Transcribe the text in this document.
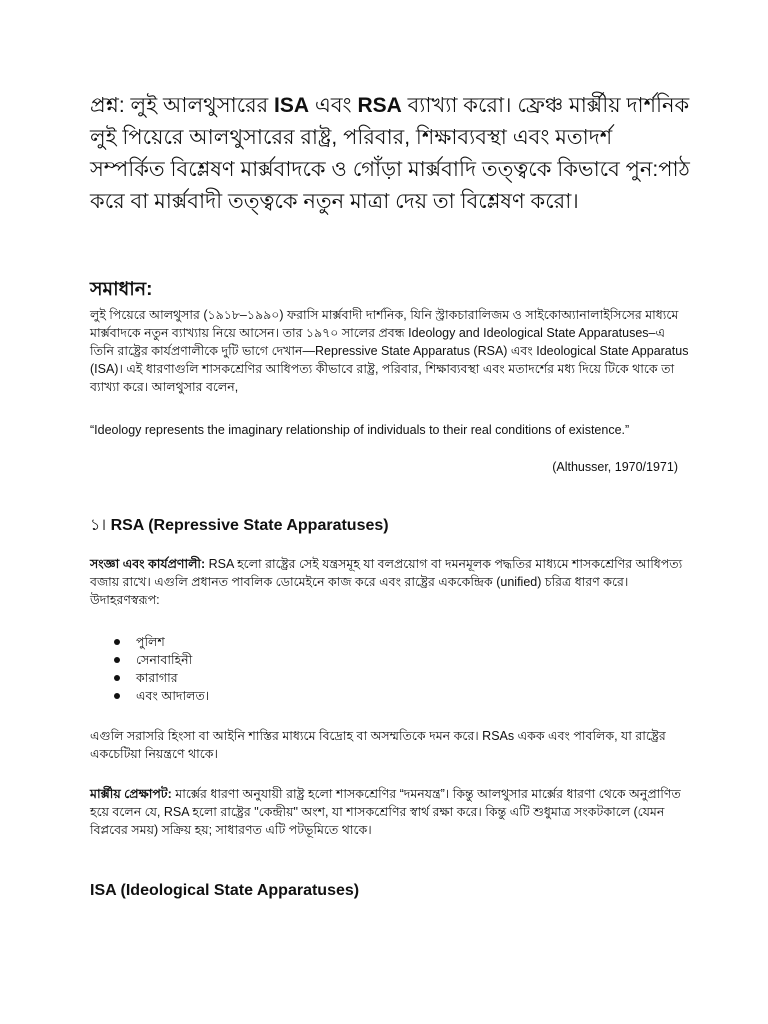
প্রশ্ন: লুই আলথুসারের ISA এবং RSA ব্যাখ্যা করো। ফ্রেঞ্চ মার্ক্সীয় দার্শনিক লুই পিয়েরে আলথুসারের রাষ্ট্র, পরিবার, শিক্ষাব্যবস্থা এবং মতাদর্শ সম্পর্কিত বিশ্লেষণ মার্ক্সবাদকে ও গোঁড়া মার্ক্সবাদি তত্ত্বকে কিভাবে পুন:পাঠ করে বা মার্ক্সবাদী তত্ত্বকে নতুন মাত্রা দেয় তা বিশ্লেষণ করো।
সমাধান:

লুই পিয়েরে আলথুসার (১৯১৮–১৯৯০) ফরাসি মার্ক্সবাদী দার্শনিক, যিনি স্ট্রাকচারালিজম ও সাইকোঅ্যানালাইসিসের মাধ্যমে মার্ক্সবাদকে নতুন ব্যাখ্যায় নিয়ে আসেন। তার ১৯৭০ সালের প্রবন্ধ Ideology and Ideological State Apparatuses–এ তিনি রাষ্ট্রের কার্যপ্রণালীকে দুটি ভাগে দেখান—Repressive State Apparatus (RSA) এবং Ideological State Apparatus (ISA)। এই ধারণাগুলি শাসকশ্রেণির আধিপত্য কীভাবে রাষ্ট্র, পরিবার, শিক্ষাব্যবস্থা এবং মতাদর্শের মধ্য দিয়ে টিকে থাকে তা ব্যাখ্যা করে। আলথুসার বলেন,

“Ideology represents the imaginary relationship of individuals to their real conditions of existence.”

(Althusser, 1970/1971)

১। RSA (Repressive State Apparatuses)

সংজ্ঞা এবং কার্যপ্রণালী: RSA হলো রাষ্ট্রের সেই যন্ত্রসমূহ যা বলপ্রয়োগ বা দমনমূলক পদ্ধতির মাধ্যমে শাসকশ্রেণির আধিপত্য বজায় রাখে। এগুলি প্রধানত পাবলিক ডোমেইনে কাজ করে এবং রাষ্ট্রের এককেন্দ্রিক (unified) চরিত্র ধারণ করে। উদাহরণস্বরূপ:

পুলিশ
সেনাবাহিনী
কারাগার
এবং আদালত।

এগুলি সরাসরি হিংসা বা আইনি শাস্তির মাধ্যমে বিদ্রোহ বা অসম্মতিকে দমন করে। RSAs একক এবং পাবলিক, যা রাষ্ট্রের একচেটিয়া নিয়ন্ত্রণে থাকে।

মার্ক্সীয় প্রেক্ষাপট: মার্ক্সের ধারণা অনুযায়ী রাষ্ট্র হলো শাসকশ্রেণির “দমনযন্ত্র”। কিন্তু আলথুসার মার্ক্সের ধারণা থেকে অনুপ্রাণিত হয়ে বলেন যে, RSA হলো রাষ্ট্রের "কেন্দ্রীয়" অংশ, যা শাসকশ্রেণির স্বার্থ রক্ষা করে। কিন্তু এটি শুধুমাত্র সংকটকালে (যেমন বিপ্লবের সময়) সক্রিয় হয়; সাধারণত এটি পটভূমিতে থাকে।

ISA (Ideological State Apparatuses)
